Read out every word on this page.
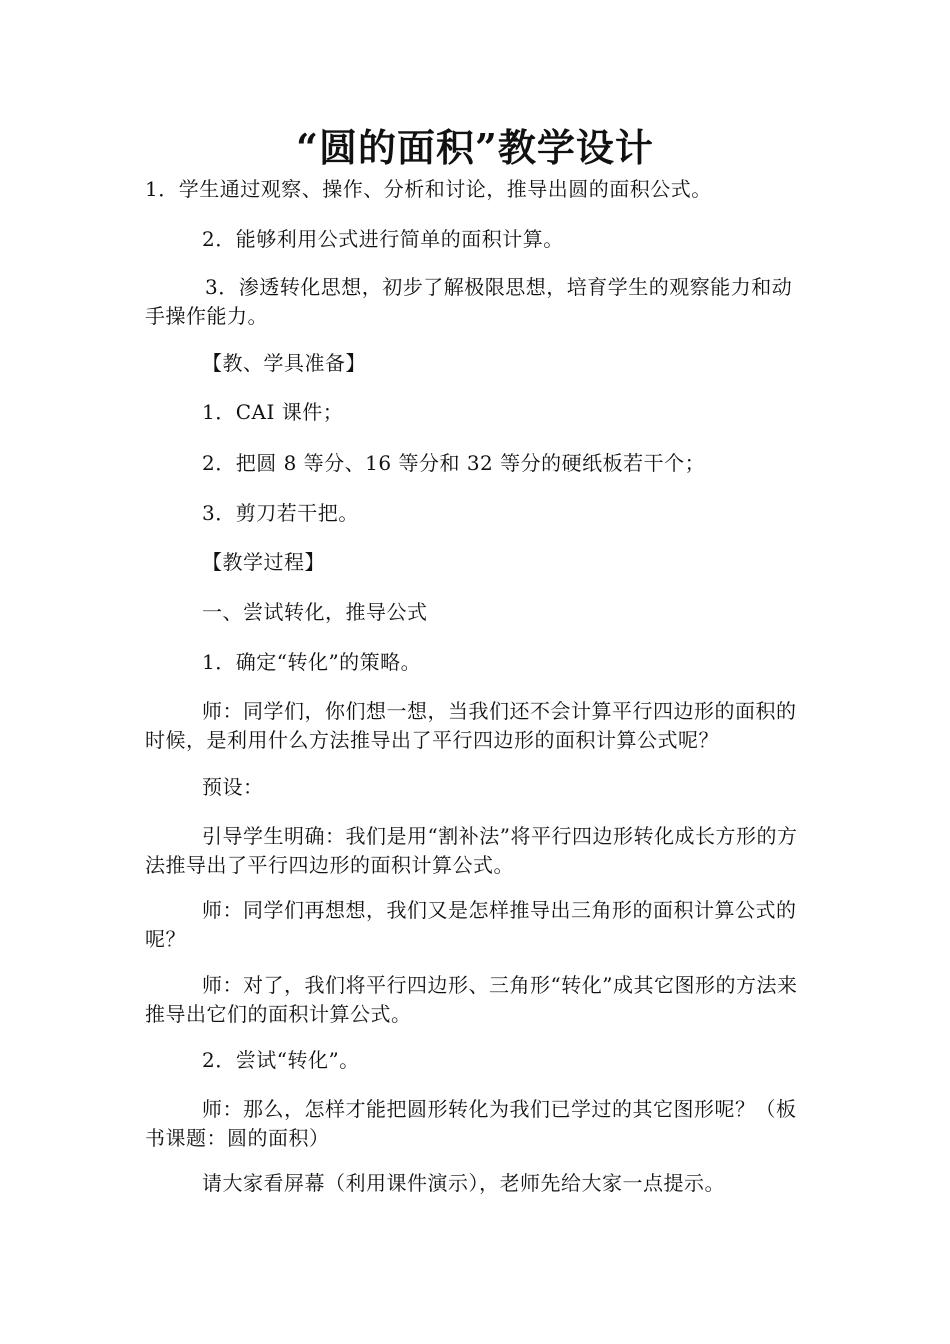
“圆的面积”教学设计

1．学生通过观察、操作、分析和讨论，推导出圆的面积公式。

2．能够利用公式进行简单的面积计算。

3．渗透转化思想，初步了解极限思想，培育学生的观察能力和动手操作能力。

【教、学具准备】

1．CAI 课件；

2．把圆 8 等分、16 等分和 32 等分的硬纸板若干个；

3．剪刀若干把。

【教学过程】

一、尝试转化，推导公式

1．确定“转化”的策略。

师：同学们，你们想一想，当我们还不会计算平行四边形的面积的时候，是利用什么方法推导出了平行四边形的面积计算公式呢？

预设：

引导学生明确：我们是用“割补法”将平行四边形转化成长方形的方法推导出了平行四边形的面积计算公式。

师：同学们再想想，我们又是怎样推导出三角形的面积计算公式的呢？

师：对了，我们将平行四边形、三角形“转化”成其它图形的方法来推导出它们的面积计算公式。

2．尝试“转化”。

师：那么，怎样才能把圆形转化为我们已学过的其它图形呢？（板书课题：圆的面积）

请大家看屏幕（利用课件演示），老师先给大家一点提示。
